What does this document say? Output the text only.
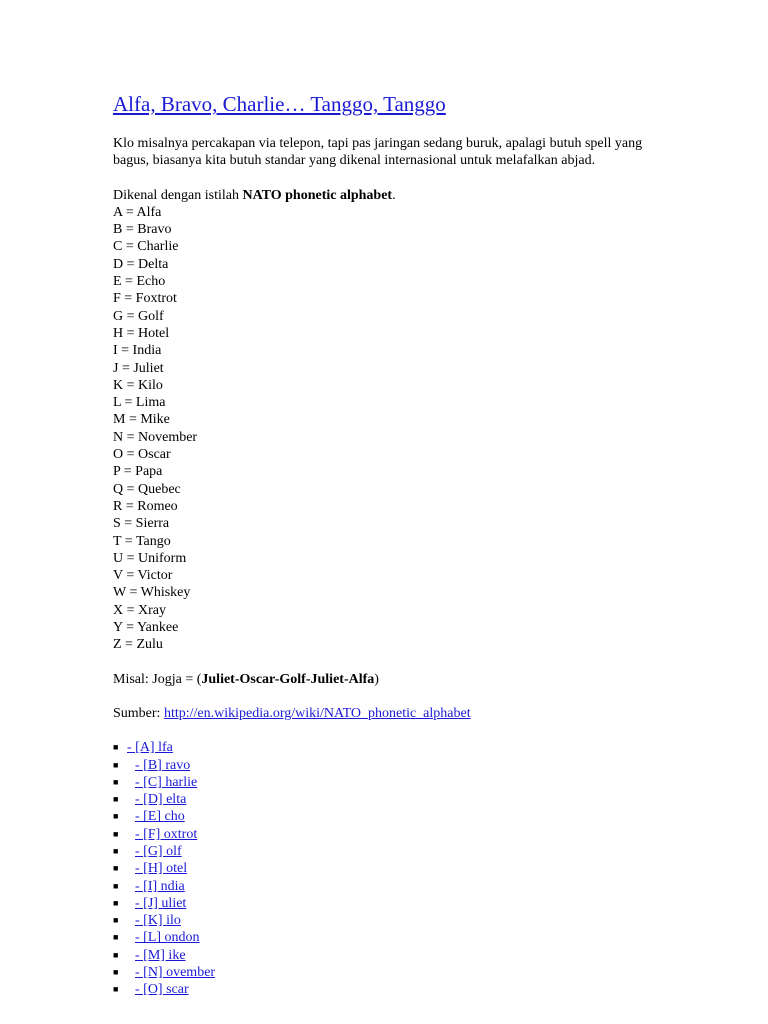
Alfa, Bravo, Charlie… Tanggo, Tanggo

Klo misalnya percakapan via telepon, tapi pas jaringan sedang buruk, apalagi butuh spell yang bagus, biasanya kita butuh standar yang dikenal internasional untuk melafalkan abjad.

Dikenal dengan istilah NATO phonetic alphabet.

A = Alfa
B = Bravo
C = Charlie
D = Delta
E = Echo
F = Foxtrot
G = Golf
H = Hotel
I = India
J = Juliet
K = Kilo
L = Lima
M = Mike
N = November
O = Oscar
P = Papa
Q = Quebec
R = Romeo
S = Sierra
T = Tango
U = Uniform
V = Victor
W = Whiskey
X = Xray
Y = Yankee
Z = Zulu

Misal: Jogja = (Juliet-Oscar-Golf-Juliet-Alfa)

Sumber: http://en.wikipedia.org/wiki/NATO_phonetic_alphabet

■ - [A] lfa
■ - [B] ravo
■ - [C] harlie
■ - [D] elta
■ - [E] cho
■ - [F] oxtrot
■ - [G] olf
■ - [H] otel
■ - [I] ndia
■ - [J] uliet
■ - [K] ilo
■ - [L] ondon
■ - [M] ike
■ - [N] ovember
■ - [O] scar
